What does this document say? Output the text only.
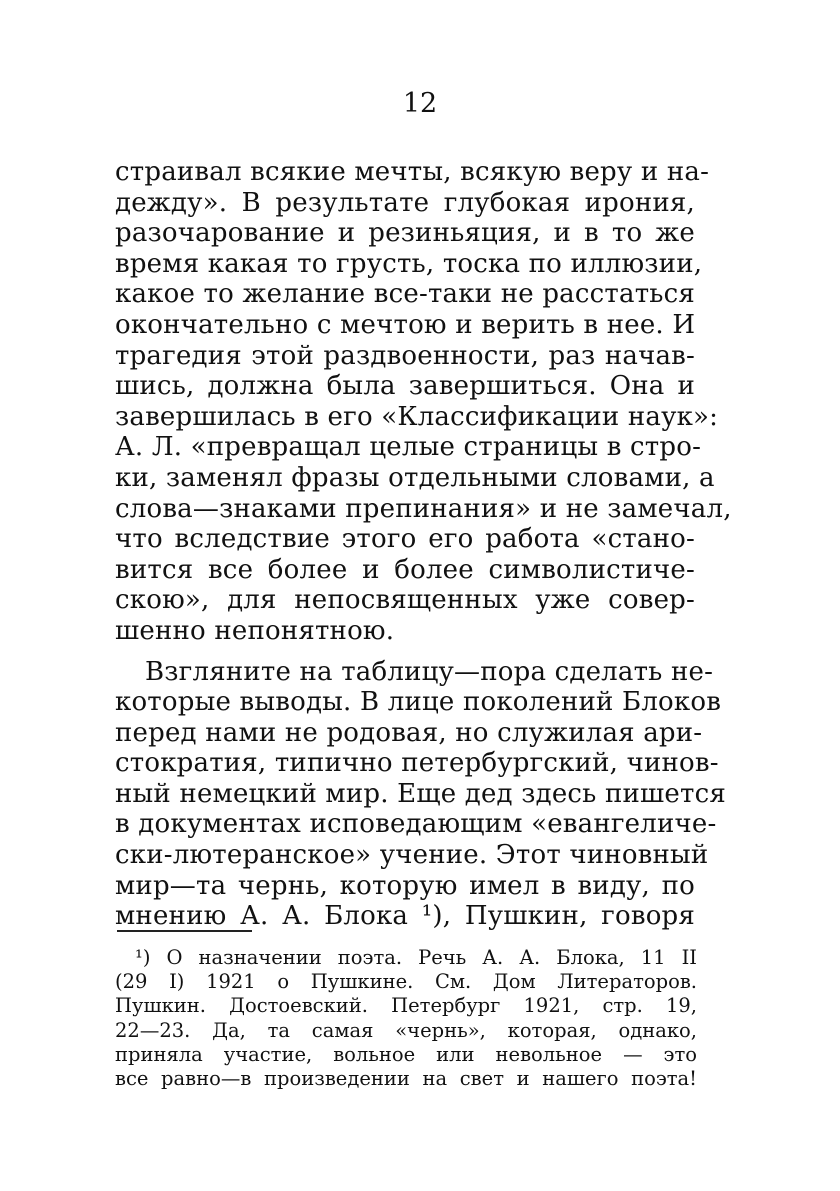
12
страивал всякие мечты, всякую веру и на-
дежду». В результате глубокая ирония,
разочарование и резиньяция, и в то же
время какая то грусть, тоска по иллюзии,
какое то желание все-таки не расстаться
окончательно с мечтою и верить в нее. И
трагедия этой раздвоенности, раз начав-
шись, должна была завершиться. Она и
завершилась в его «Классификации наук»:
А. Л. «превращал целые страницы в стро-
ки, заменял фразы отдельными словами, а
слова—знаками препинания» и не замечал,
что вследствие этого его работа «стано-
вится все более и более символистиче-
скою», для непосвященных уже совер-
шенно непонятною.
Взгляните на таблицу—пора сделать не-
которые выводы. В лице поколений Блоков
перед нами не родовая, но служилая ари-
стократия, типично петербургский, чинов-
ный немецкий мир. Еще дед здесь пишется
в документах исповедающим «евангеличе-
ски-лютеранское» учение. Этот чиновный
мир—та чернь, которую имел в виду, по
мнению А. А. Блока ¹), Пушкин, говоря
¹) О назначении поэта. Речь А. А. Блока, 11 II
(29 I) 1921 о Пушкине. См. Дом Литераторов.
Пушкин. Достоевский. Петербург 1921, стр. 19,
22—23. Да, та самая «чернь», которая, однако,
приняла участие, вольное или невольное — это
все равно—в произведении на свет и нашего поэта!
